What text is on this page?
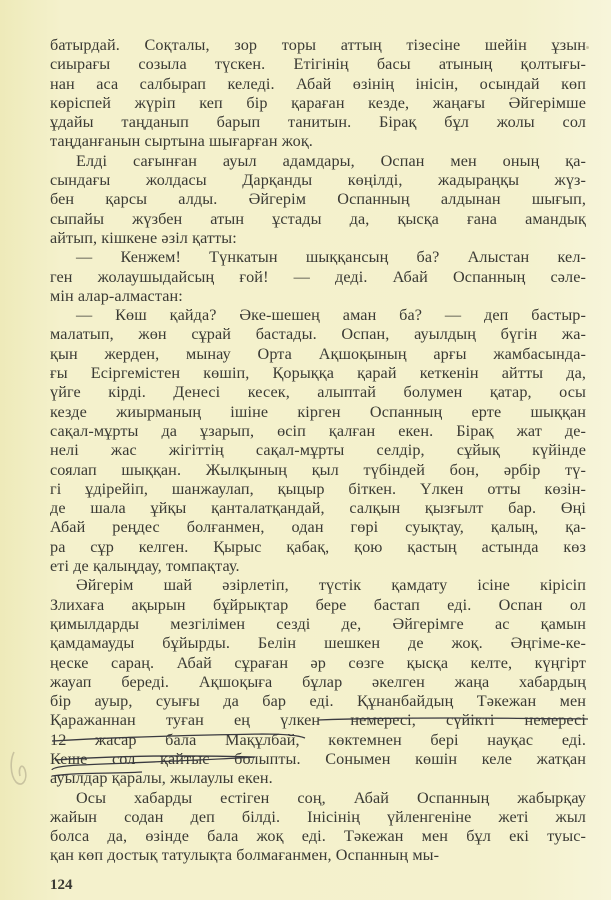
батырдай. Соқталы, зор торы аттың тізесіне шейін ұзын
сиырағы созыла түскен. Етігінің басы атының қолтығы-
нан аса салбырап келеді. Абай өзінің інісін, осындай көп
көріспей жүріп кеп бір қараған кезде, жаңағы Әйгерімше
ұдайы таңданып барып танитын. Бірақ бұл жолы сол
таңданғанын сыртына шығарған жоқ.
Елді сағынған ауыл адамдары, Оспан мен оның қа-
сындағы жолдасы Дарқанды көңілді, жадыраңқы жүз-
бен қарсы алды. Әйгерім Оспанның алдынан шығып,
сыпайы жүзбен атын ұстады да, қысқа ғана амандық
айтып, кішкене әзіл қатты:
— Кенжем! Түнкатын шыққансың ба? Алыстан кел-
ген жолаушыдайсың ғой! — деді. Абай Оспанның сәле-
мін алар-алмастан:
— Көш қайда? Әке-шешең аман ба? — деп бастыр-
малатып, жөн сұрай бастады. Оспан, ауылдың бүгін жа-
қын жерден, мынау Орта Ақшоқының арғы жамбасында-
ғы Есіргемістен көшіп, Қорыққа қарай кеткенін айтты да,
үйге кірді. Денесі кесек, алыптай болумен қатар, осы
кезде жиырманың ішіне кірген Оспанның ерте шыққан
сақал-мұрты да ұзарып, өсіп қалған екен. Бірақ жат де-
нелі жас жігіттің сақал-мұрты селдір, сұйық күйінде
соялап шыққан. Жылқының қыл түбіндей бон, әрбір тү-
гі ұдірейіп, шанжаулап, қыцыр біткен. Үлкен отты көзін-
де шала ұйқы қанталатқандай, салқын қызғылт бар. Өңі
Абай реңдес болғанмен, одан гөрі суықтау, қалың, қа-
ра сұр келген. Қырыс қабақ, қою қастың астында көз
еті де қалыңдау, томпақтау.
Әйгерім шай әзірлетіп, түстік қамдату ісіне кірісіп
Злихаға ақырын бұйрықтар бере бастап еді. Оспан ол
қимылдарды мезгілімен сезді де, Әйгерімге ас қамын
қамдамауды бұйырды. Белін шешкен де жоқ. Әңгіме-ке-
ңеске сараң. Абай сұраған әр сөзге қысқа келте, күңгірт
жауап береді. Ақшоқыға бұлар әкелген жаңа хабардың
бір ауыр, суығы да бар еді. Құнанбайдың Тәкежан мен
Қаражаннан туған ең үлкен немересі, сүйікті немересі
12 жасар бала Мақұлбай, көктемнен бері науқас еді.
Кеше сол қайтыс болыпты. Сонымен көшін келе жатқан
ауылдар қаралы, жылаулы екен.
Осы хабарды естіген соң, Абай Оспанның жабырқау
жайын содан деп білді. Інісінің үйленгеніне жеті жыл
болса да, өзінде бала жоқ еді. Тәкежан мен бұл екі туыс-
қан көп достық татулықта болмағанмен, Оспанның мы-
124
